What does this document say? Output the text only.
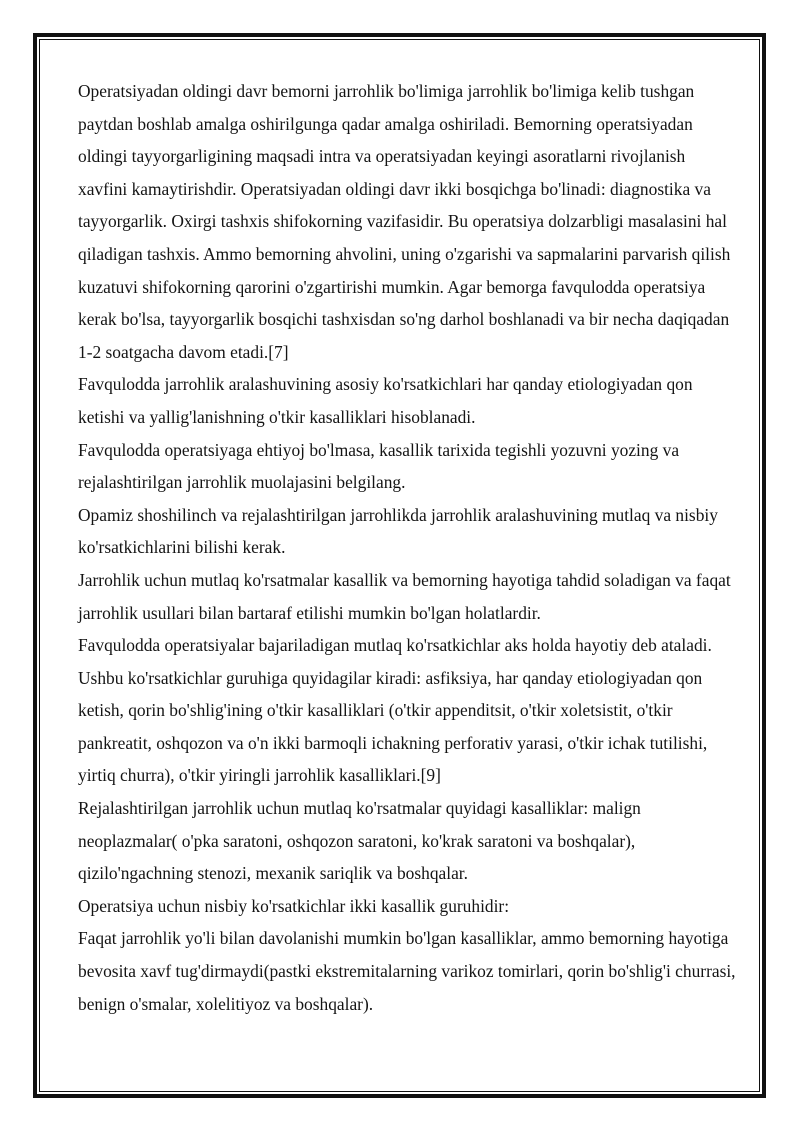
Operatsiyadan oldingi davr bemorni jarrohlik bo'limiga jarrohlik bo'limiga kelib tushgan paytdan boshlab amalga oshirilgunga qadar amalga oshiriladi. Bemorning operatsiyadan oldingi tayyorgarligining maqsadi intra va operatsiyadan keyingi asoratlarni rivojlanish xavfini kamaytirishdir. Operatsiyadan oldingi davr ikki bosqichga bo'linadi: diagnostika va tayyorgarlik. Oxirgi tashxis shifokorning vazifasidir. Bu operatsiya dolzarbligi masalasini hal qiladigan tashxis. Ammo bemorning ahvolini, uning o'zgarishi va sapmalarini parvarish qilish kuzatuvi shifokorning qarorini o'zgartirishi mumkin. Agar bemorga favqulodda operatsiya kerak bo'lsa, tayyorgarlik bosqichi tashxisdan so'ng darhol boshlanadi va bir necha daqiqadan 1-2 soatgacha davom etadi.[7]

Favqulodda jarrohlik aralashuvining asosiy ko'rsatkichlari har qanday etiologiyadan qon ketishi va yallig'lanishning o'tkir kasalliklari hisoblanadi.

Favqulodda operatsiyaga ehtiyoj bo'lmasa, kasallik tarixida tegishli yozuvni yozing va rejalashtirilgan jarrohlik muolajasini belgilang.

Opamiz shoshilinch va rejalashtirilgan jarrohlikda jarrohlik aralashuvining mutlaq va nisbiy ko'rsatkichlarini bilishi kerak.

Jarrohlik uchun mutlaq ko'rsatmalar kasallik va bemorning hayotiga tahdid soladigan va faqat jarrohlik usullari bilan bartaraf etilishi mumkin bo'lgan holatlardir.

Favqulodda operatsiyalar bajariladigan mutlaq ko'rsatkichlar aks holda hayotiy deb ataladi. Ushbu ko'rsatkichlar guruhiga quyidagilar kiradi: asfiksiya, har qanday etiologiyadan qon ketish, qorin bo'shlig'ining o'tkir kasalliklari (o'tkir appenditsit, o'tkir xoletsistit, o'tkir pankreatit, oshqozon va o'n ikki barmoqli ichakning perforativ yarasi, o'tkir ichak tutilishi, yirtiq churra), o'tkir yiringli jarrohlik kasalliklari.[9]

Rejalashtirilgan jarrohlik uchun mutlaq ko'rsatmalar quyidagi kasalliklar: malign neoplazmalar( o'pka saratoni, oshqozon saratoni, ko'krak saratoni va boshqalar), qizilo'ngachning stenozi, mexanik sariqlik va boshqalar.

Operatsiya uchun nisbiy ko'rsatkichlar ikki kasallik guruhidir:

Faqat jarrohlik yo'li bilan davolanishi mumkin bo'lgan kasalliklar, ammo bemorning hayotiga bevosita xavf tug'dirmaydi(pastki ekstremitalarning varikoz tomirlari, qorin bo'shlig'i churrasi, benign o'smalar, xolelitiyoz va boshqalar).
